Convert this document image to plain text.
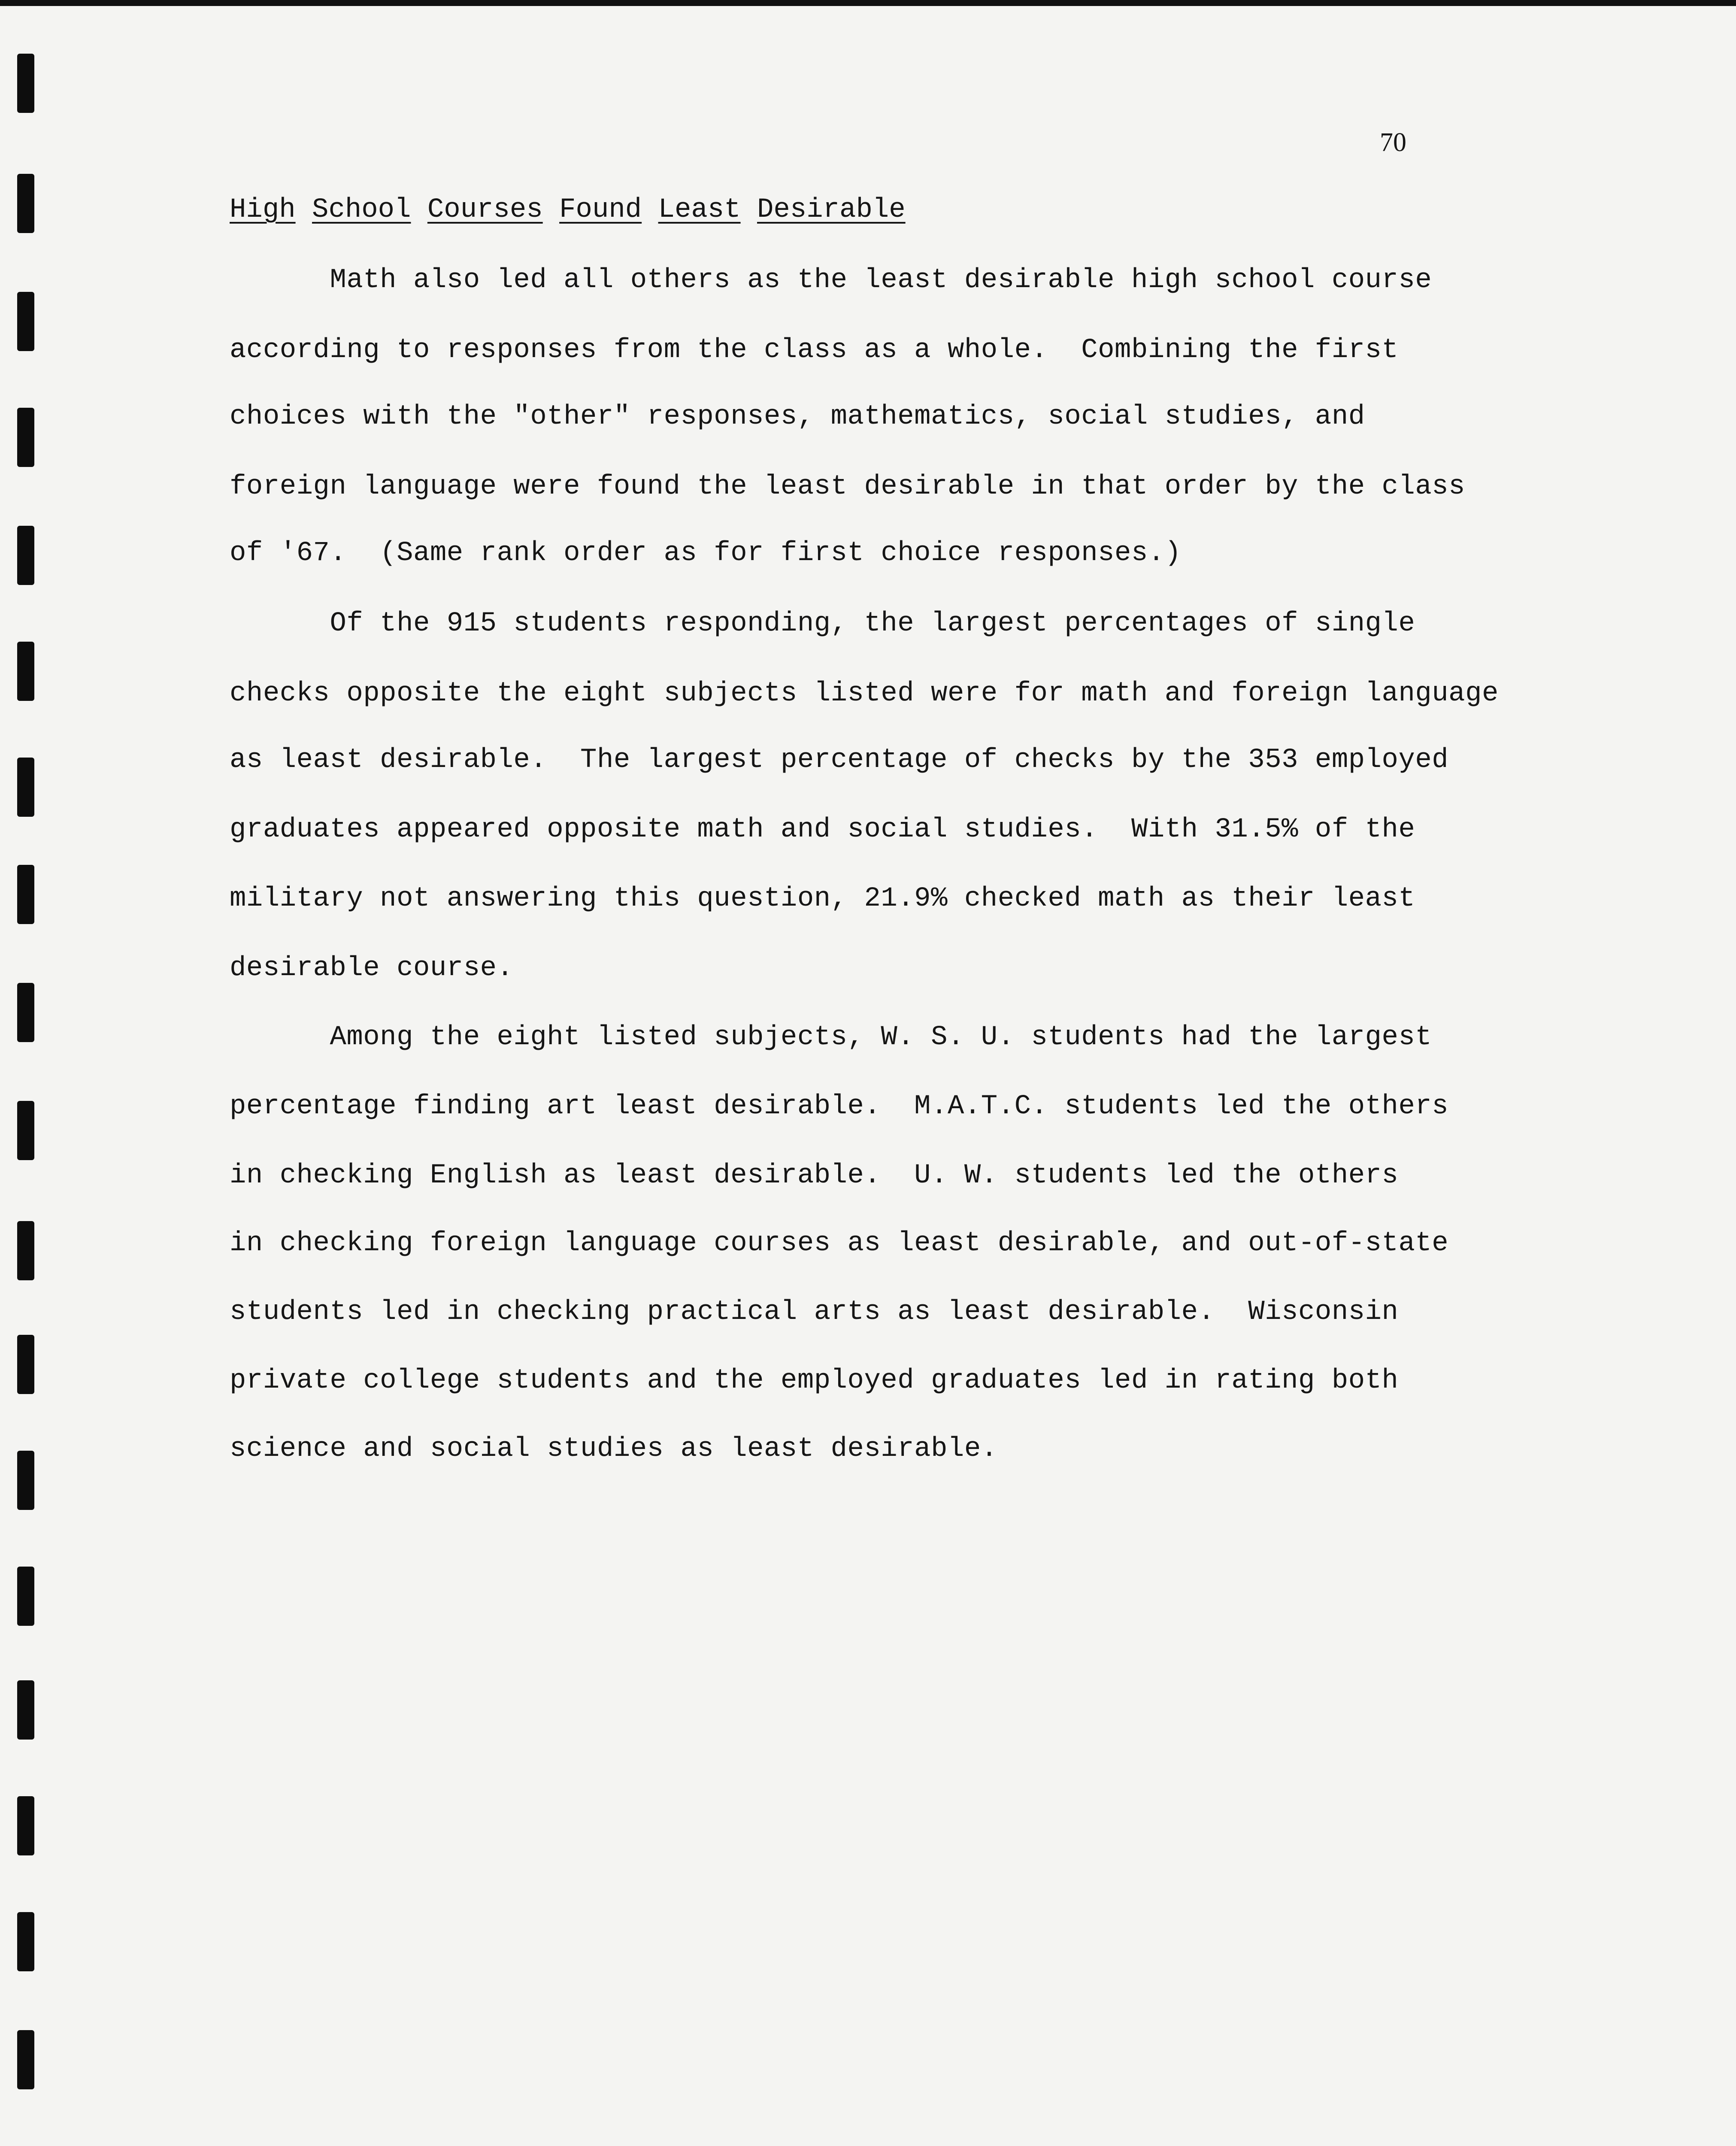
70
High School Courses Found Least Desirable
Math also led all others as the least desirable high school course
according to responses from the class as a whole.  Combining the first
choices with the "other" responses, mathematics, social studies, and
foreign language were found the least desirable in that order by the class
of '67.  (Same rank order as for first choice responses.)
Of the 915 students responding, the largest percentages of single
checks opposite the eight subjects listed were for math and foreign language
as least desirable.  The largest percentage of checks by the 353 employed
graduates appeared opposite math and social studies.  With 31.5% of the
military not answering this question, 21.9% checked math as their least
desirable course.
Among the eight listed subjects, W. S. U. students had the largest
percentage finding art least desirable.  M.A.T.C. students led the others
in checking English as least desirable.  U. W. students led the others
in checking foreign language courses as least desirable, and out-of-state
students led in checking practical arts as least desirable.  Wisconsin
private college students and the employed graduates led in rating both
science and social studies as least desirable.
